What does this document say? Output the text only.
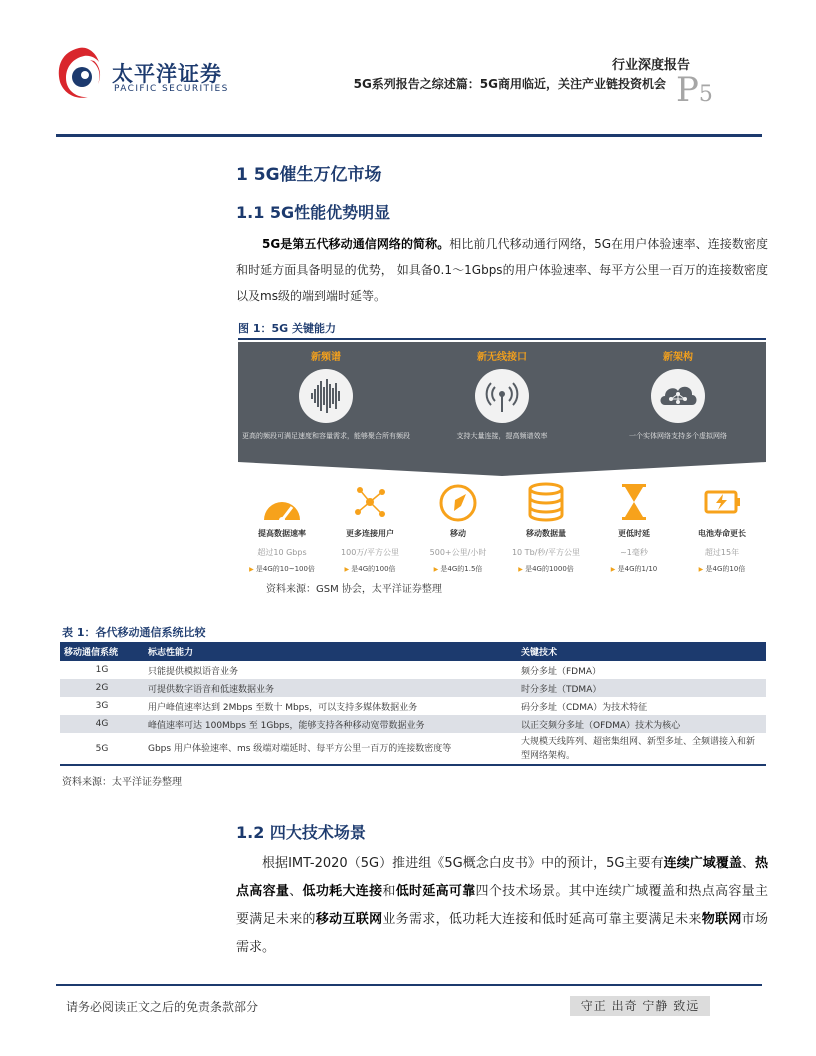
太平洋证券
PACIFIC SECURITIES
行业深度报告
5G系列报告之综述篇：5G商用临近，关注产业链投资机会 P5
1 5G催生万亿市场
1.1 5G性能优势明显

5G是第五代移动通信网络的简称。相比前几代移动通行网络，5G在用户体验速率、连接数密度和时延方面具备明显的优势， 如具备0.1～1Gbps的用户体验速率、每平方公里一百万的连接数密度以及ms级的端到端时延等。

图 1：5G 关键能力
新频谱
更高的频段可满足速度和容量需求，能够聚合所有频段
新无线接口
支持大量连接，提高频谱效率
新架构
一个实体网络支持多个虚拟网络
提高数据速率
超过10 Gbps
▶ 是4G的10~100倍
更多连接用户
100万/平方公里
▶ 是4G的100倍
移动
500+公里/小时
▶ 是4G的1.5倍
移动数据量
10 Tb/秒/平方公里
▶ 是4G的1000倍
更低时延
~1毫秒
▶ 是4G的1/10
电池寿命更长
超过15年
▶ 是4G的10倍
资料来源：GSM 协会，太平洋证券整理
表 1：各代移动通信系统比较
移动通信系统	标志性能力	关键技术
1G	只能提供模拟语音业务	频分多址（FDMA）
2G	可提供数字语音和低速数据业务	时分多址（TDMA）
3G	用户峰值速率达到 2Mbps 至数十 Mbps，可以支持多媒体数据业务	码分多址（CDMA）为技术特征
4G	峰值速率可达 100Mbps 至 1Gbps，能够支持各种移动宽带数据业务	以正交频分多址（OFDMA）技术为核心
5G	Gbps 用户体验速率、ms 级端对端延时、每平方公里一百万的连接数密度等	大规模天线阵列、超密集组网、新型多址、全频谱接入和新型网络架构。
资料来源：太平洋证券整理
1.2 四大技术场景

根据IMT-2020（5G）推进组《5G概念白皮书》中的预计，5G主要有连续广域覆盖、热点高容量、低功耗大连接和低时延高可靠四个技术场景。其中连续广域覆盖和热点高容量主要满足未来的移动互联网业务需求，低功耗大连接和低时延高可靠主要满足未来物联网市场需求。

请务必阅读正文之后的免责条款部分	守正 出奇 宁静 致远
